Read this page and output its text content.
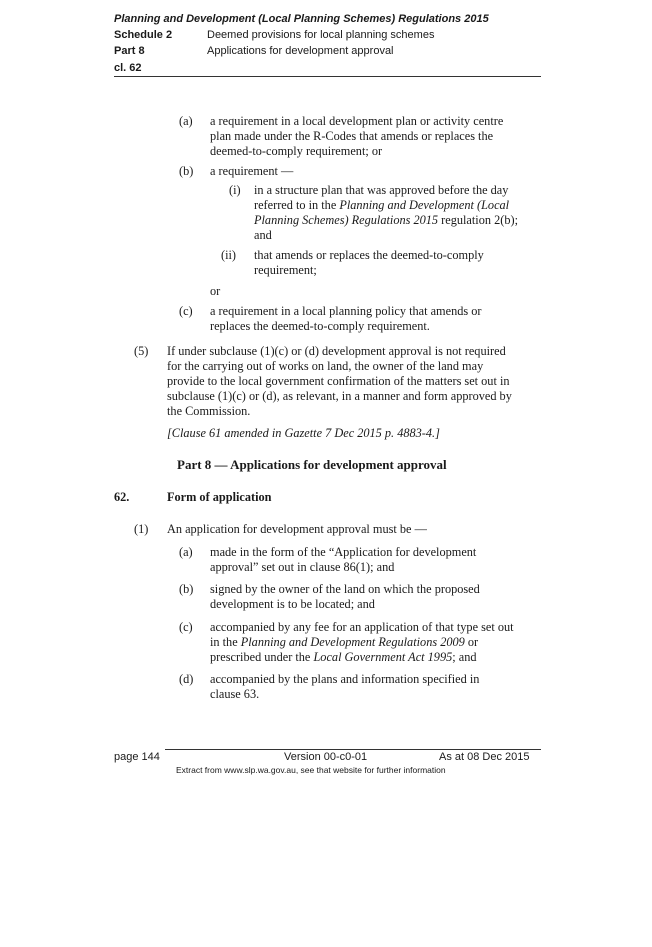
Planning and Development (Local Planning Schemes) Regulations 2015
Schedule 2	Deemed provisions for local planning schemes
Part 8	Applications for development approval
cl. 62
(a) a requirement in a local development plan or activity centre
plan made under the R-Codes that amends or replaces the
deemed-to-comply requirement; or
(b) a requirement —
(i) in a structure plan that was approved before the day
referred to in the Planning and Development (Local
Planning Schemes) Regulations 2015 regulation 2(b);
and
(ii) that amends or replaces the deemed-to-comply
requirement;
or
(c) a requirement in a local planning policy that amends or
replaces the deemed-to-comply requirement.
(5) If under subclause (1)(c) or (d) development approval is not required
for the carrying out of works on land, the owner of the land may
provide to the local government confirmation of the matters set out in
subclause (1)(c) or (d), as relevant, in a manner and form approved by
the Commission.
[Clause 61 amended in Gazette 7 Dec 2015 p. 4883-4.]
Part 8 — Applications for development approval
62.	Form of application
(1) An application for development approval must be —
(a) made in the form of the “Application for development
approval” set out in clause 86(1); and
(b) signed by the owner of the land on which the proposed
development is to be located; and
(c) accompanied by any fee for an application of that type set out
in the Planning and Development Regulations 2009 or
prescribed under the Local Government Act 1995; and
(d) accompanied by the plans and information specified in
clause 63.
page 144	Version 00-c0-01	As at 08 Dec 2015
Extract from www.slp.wa.gov.au, see that website for further information
